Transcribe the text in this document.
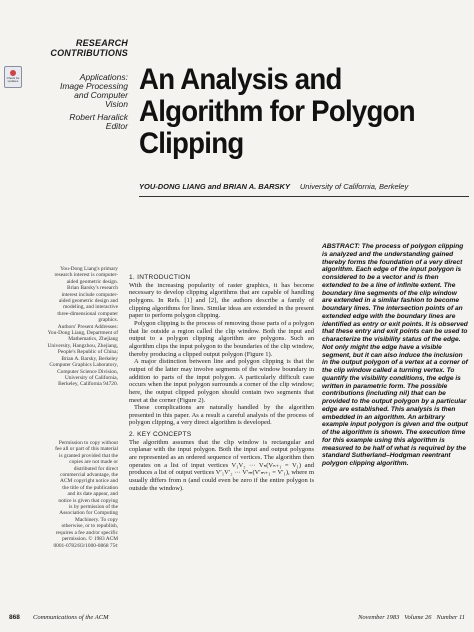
Check for updates
RESEARCH
CONTRIBUTIONS
Applications:
Image Processing
and Computer
Vision
Robert Haralick
Editor
An Analysis and
Algorithm for Polygon
Clipping
YOU-DONG LIANG and BRIAN A. BARSKY University of California, Berkeley
You-Dong Liang's primary
research interest is computer-
aided geometric design.
Brian Barsky's research
interest include computer-
aided geometric design and
modeling, and interactive
three-dimensional computer
graphics.
Authors' Present Addresses:
You-Dong Liang, Department of
Mathematics, Zhejiang
University, Hangzhou, Zhejiang,
People's Republic of China;
Brian A. Barsky, Berkeley
Computer Graphics Laboratory,
Computer Science Division,
University of California,
Berkeley, California 94720.
Permission to copy without
fee all or part of this material
is granted provided that the
copies are not made or
distributed for direct
commercial advantage, the
ACM copyright notice and
the title of the publication
and its date appear, and
notice is given that copying
is by permission of the
Association for Computing
Machinery. To copy
otherwise, or to republish,
requires a fee and/or specific
permission. © 1983 ACM
0001-0782/83/1000-0868 75¢
1. INTRODUCTION

With the increasing popularity of raster graphics, it has become necessary to develop clipping algorithms that are capable of handling polygons. In Refs. [1] and [2], the authors describe a family of clipping algorithms for lines. Similar ideas are extended in the present paper to perform polygon clipping.

Polygon clipping is the process of removing those parts of a polygon that lie outside a region called the clip window. Both the input and output to a polygon clipping algorithm are polygons. Such an algorithm clips the input polygon to the boundaries of the clip window, thereby producing a clipped output polygon (Figure 1).

A major distinction between line and polygon clipping is that the output of the latter may involve segments of the window boundary in addition to parts of the input polygon. A particularly difficult case occurs when the input polygon surrounds a corner of the clip window; here, the output clipped polygon should contain two segments that meet at the corner (Figure 2).

These complications are naturally handled by the algorithm presented in this paper. As a result a careful analysis of the process of polygon clipping, a very direct algorithm is developed.

2. KEY CONCEPTS

The algorithm assumes that the clip window is rectangular and coplanar with the input polygon. Both the input and output polygons are represented as an ordered sequence of vertices. The algorithm then operates on a list of input vertices V₁V₂ ··· Vₙ(Vₙ₊₁ = V₁) and produces a list of output vertices V′₁V′₂ ··· V′ₘ(V′ₘ₊₁ = V′₁), where m usually differs from n (and could even be zero if the entire polygon is outside the window).

ABSTRACT: The process of polygon clipping is analyzed and the understanding gained thereby forms the foundation of a very direct algorithm. Each edge of the input polygon is considered to be a vector and is then extended to be a line of infinite extent. The boundary line segments of the clip window are extended in a similar fashion to become boundary lines. The intersection points of an extended edge with the boundary lines are identified as entry or exit points. It is observed that these entry and exit points can be used to characterize the visibility status of the edge. Not only might the edge have a visible segment, but it can also induce the inclusion in the output polygon of a vertex at a corner of the clip window called a turning vertex. To quantify the visibility conditions, the edge is written in parametric form. The possible contributions (including nil) that can be provided to the output polygon by a particular edge are established. This analysis is then embedded in an algorithm. An arbitrary example input polygon is given and the output of the algorithm is shown. The execution time for this example using this algorithm is measured to be half of what is required by the standard Sutherland–Hodgman reentrant polygon clipping algorithm.
868 Communications of the ACM	November 1983   Volume 26   Number 11
